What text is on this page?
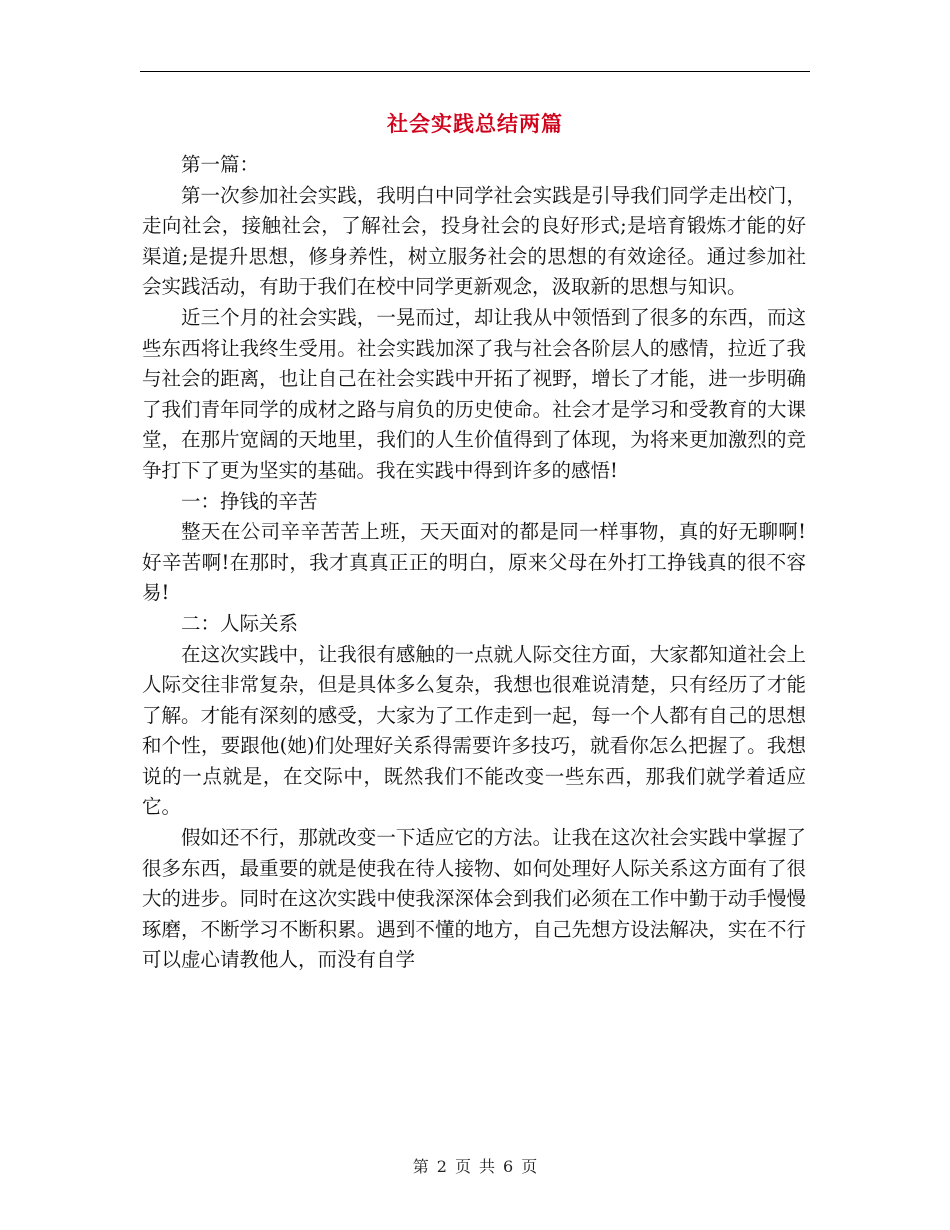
社会实践总结两篇

第一篇：

第一次参加社会实践，我明白中同学社会实践是引导我们同学走出校门，走向社会，接触社会，了解社会，投身社会的良好形式;是培育锻炼才能的好渠道;是提升思想，修身养性，树立服务社会的思想的有效途径。通过参加社会实践活动，有助于我们在校中同学更新观念，汲取新的思想与知识。

近三个月的社会实践，一晃而过，却让我从中领悟到了很多的东西，而这些东西将让我终生受用。社会实践加深了我与社会各阶层人的感情，拉近了我与社会的距离，也让自己在社会实践中开拓了视野，增长了才能，进一步明确了我们青年同学的成材之路与肩负的历史使命。社会才是学习和受教育的大课堂，在那片宽阔的天地里，我们的人生价值得到了体现，为将来更加激烈的竞争打下了更为坚实的基础。我在实践中得到许多的感悟!

一：挣钱的辛苦

整天在公司辛辛苦苦上班，天天面对的都是同一样事物，真的好无聊啊!好辛苦啊!在那时，我才真真正正的明白，原来父母在外打工挣钱真的很不容易!

二：人际关系

在这次实践中，让我很有感触的一点就人际交往方面，大家都知道社会上人际交往非常复杂，但是具体多么复杂，我想也很难说清楚，只有经历了才能了解。才能有深刻的感受，大家为了工作走到一起，每一个人都有自己的思想和个性，要跟他(她)们处理好关系得需要许多技巧，就看你怎么把握了。我想说的一点就是，在交际中，既然我们不能改变一些东西，那我们就学着适应它。

假如还不行，那就改变一下适应它的方法。让我在这次社会实践中掌握了很多东西，最重要的就是使我在待人接物、如何处理好人际关系这方面有了很大的进步。同时在这次实践中使我深深体会到我们必须在工作中勤于动手慢慢琢磨，不断学习不断积累。遇到不懂的地方，自己先想方设法解决，实在不行可以虚心请教他人，而没有自学

第 2 页 共 6 页
